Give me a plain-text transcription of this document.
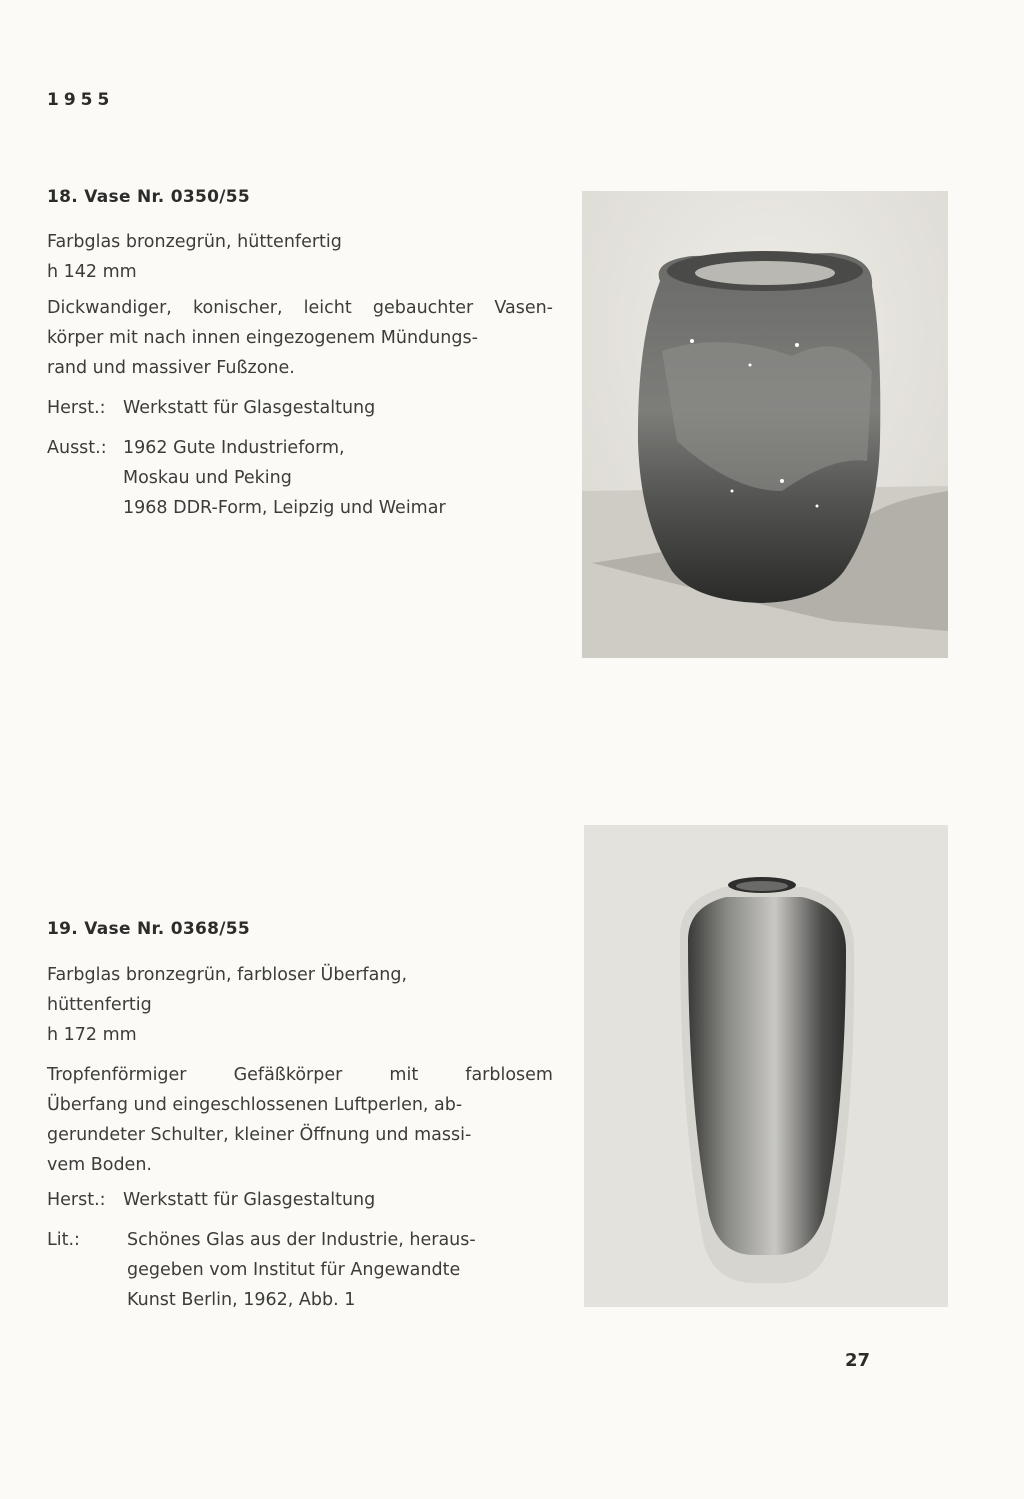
1955
18. Vase Nr. 0350/55
Farbglas bronzegrün, hüttenfertig
h 142 mm
Dickwandiger, konischer, leicht gebauchter Vasen-
körper mit nach innen eingezogenem Mündungs-
rand und massiver Fußzone.
Herst.: Werkstatt für Glasgestaltung
Ausst.: 1962 Gute Industrieform,
Moskau und Peking
1968 DDR-Form, Leipzig und Weimar
19. Vase Nr. 0368/55
Farbglas bronzegrün, farbloser Überfang,
hüttenfertig
h 172 mm
Tropfenförmiger	Gefäßkörper	mit	farblosem
Überfang und eingeschlossenen Luftperlen, ab-
gerundeter Schulter, kleiner Öffnung und massi-
vem Boden.
Herst.: Werkstatt für Glasgestaltung
Lit.:	Schönes Glas aus der Industrie, heraus-
gegeben vom Institut für Angewandte
Kunst Berlin, 1962, Abb. 1
27
